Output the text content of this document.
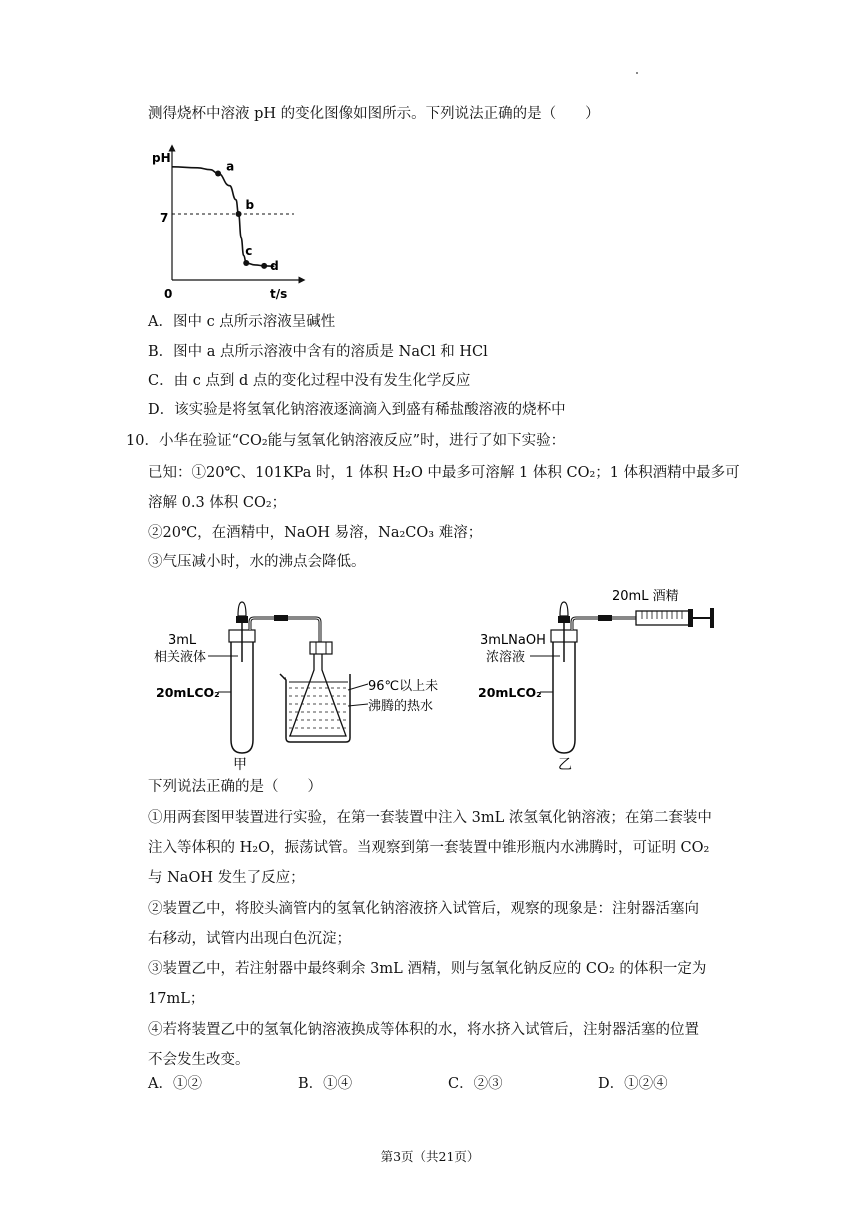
测得烧杯中溶液 pH 的变化图像如图所示。下列说法正确的是（　　）
pH
t/s
0
7
a
b
c
d
A．图中 c 点所示溶液呈碱性
B．图中 a 点所示溶液中含有的溶质是 NaCl 和 HCl
C．由 c 点到 d 点的变化过程中没有发生化学反应
D．该实验是将氢氧化钠溶液逐滴滴入到盛有稀盐酸溶液的烧杯中
10．小华在验证“CO₂能与氢氧化钠溶液反应”时，进行了如下实验：
已知：①20℃、101KPa 时，1 体积 H₂O 中最多可溶解 1 体积 CO₂；1 体积酒精中最多可
溶解 0.3 体积 CO₂；
②20℃，在酒精中，NaOH 易溶，Na₂CO₃ 难溶；
③气压减小时，水的沸点会降低。
3mL
相关液体
20mLCO₂
甲
96℃以上未
沸腾的热水
3mLNaOH
浓溶液
20mLCO₂
乙
20mL 酒精
下列说法正确的是（　　）
①用两套图甲装置进行实验，在第一套装置中注入 3mL 浓氢氧化钠溶液；在第二套装中
注入等体积的 H₂O，振荡试管。当观察到第一套装置中锥形瓶内水沸腾时，可证明 CO₂
与 NaOH 发生了反应；
②装置乙中，将胶头滴管内的氢氧化钠溶液挤入试管后，观察的现象是：注射器活塞向
右移动，试管内出现白色沉淀；
③装置乙中，若注射器中最终剩余 3mL 酒精，则与氢氧化钠反应的 CO₂ 的体积一定为
17mL；
④若将装置乙中的氢氧化钠溶液换成等体积的水，将水挤入试管后，注射器活塞的位置
不会发生改变。
A．①②	B．①④	C．②③	D．①②④
第3页（共21页）
